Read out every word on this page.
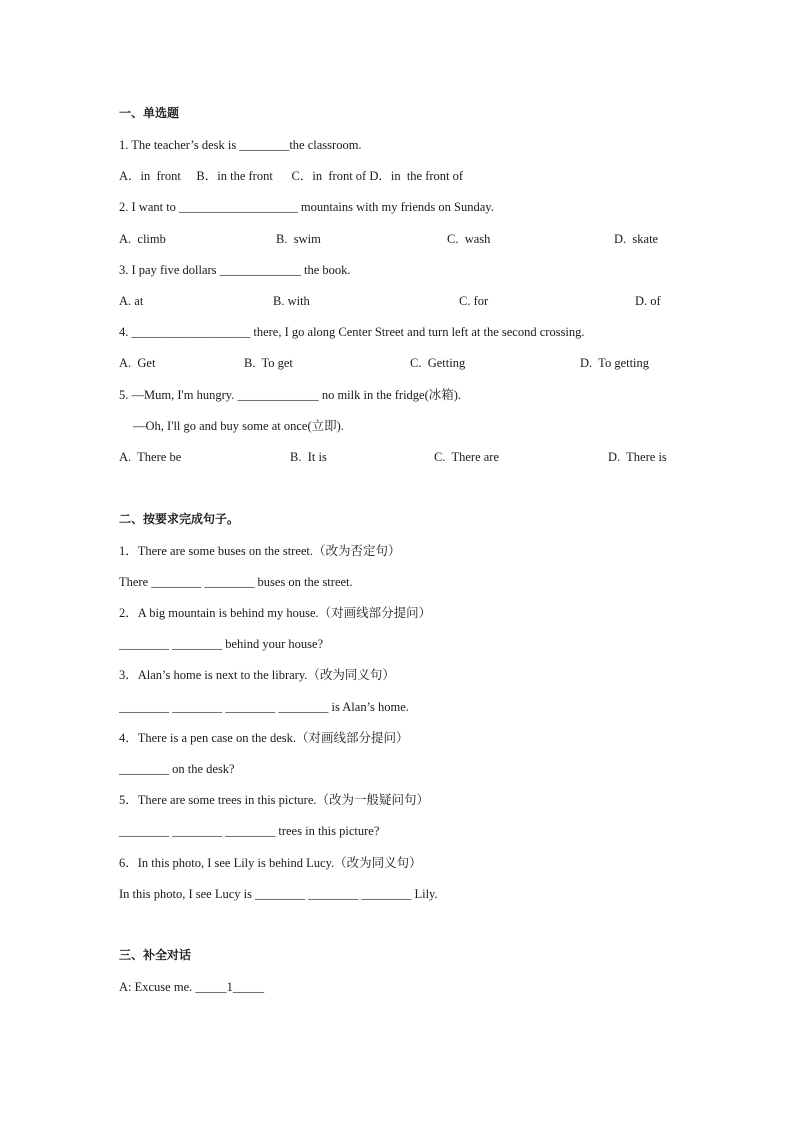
一、单选题
1. The teacher’s desk is ________the classroom.
A．in  front     B．in the front      C．in  front of D．in  the front of
2. I want to ___________________ mountains with my friends on Sunday.
A.  climb	B.  swim	C.  wash	D.  skate
3. I pay five dollars _____________ the book.
A. at	B. with	C. for	D. of
4. ___________________ there, I go along Center Street and turn left at the second crossing.
A.  Get	B.  To get	C.  Getting	D.  To getting
5. —Mum, I'm hungry. _____________ no milk in the fridge(冰箱).
—Oh, I'll go and buy some at once(立即).
A.  There be	B.  It is	C.  There are	D.  There is
二、按要求完成句子。
1．There are some buses on the street.（改为否定句）
There ________ ________ buses on the street.
2．A big mountain is behind my house.（对画线部分提问）
________ ________ behind your house?
3．Alan’s home is next to the library.（改为同义句）
________ ________ ________ ________ is Alan’s home.
4．There is a pen case on the desk.（对画线部分提问）
________ on the desk?
5．There are some trees in this picture.（改为一般疑问句）
________ ________ ________ trees in this picture?
6．In this photo, I see Lily is behind Lucy.（改为同义句）
In this photo, I see Lucy is ________ ________ ________ Lily.
三、补全对话
A: Excuse me. _____1_____
